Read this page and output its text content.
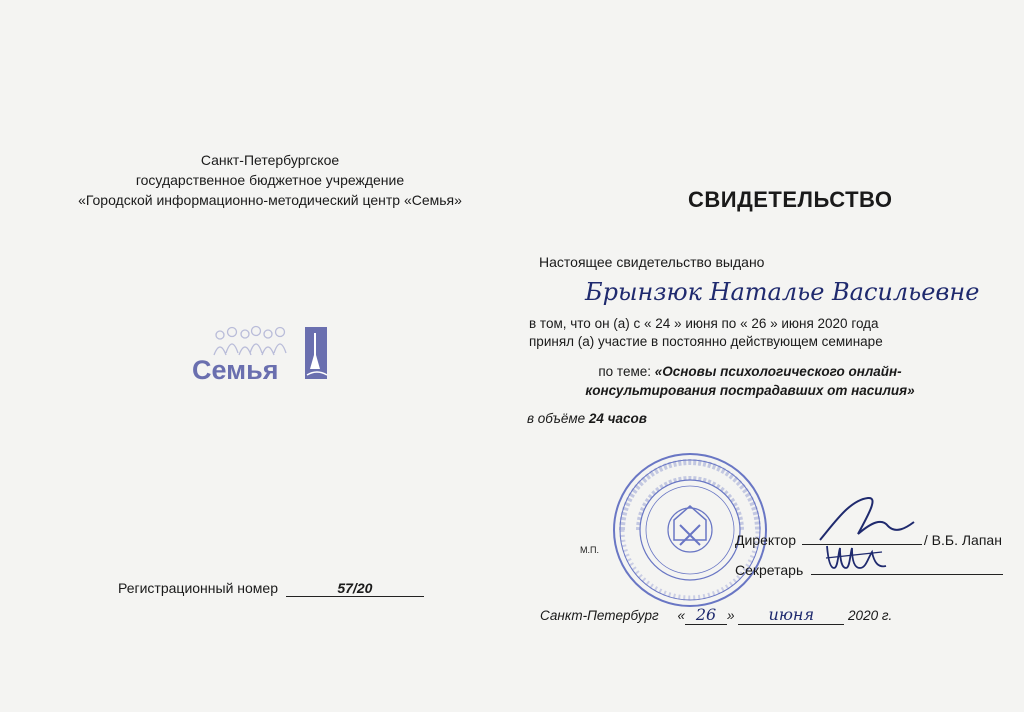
Санкт-Петербургское
государственное бюджетное учреждение
«Городской информационно-методический центр «Семья»
Семья
Регистрационный номер	57/20
СВИДЕТЕЛЬСТВО
Настоящее свидетельство выдано
Брынзюк Наталье Васильевне
в том, что он (а) с « 24 » июня по « 26 » июня 2020 года
принял (а) участие в постоянно действующем семинаре
по теме: «Основы психологического онлайн-консультирования пострадавших от насилия»
в объёме 24 часов
М.П.
Директор	/ В.Б. Лапан
Секретарь
Санкт-Петербург « 26 » июня	2020 г.
